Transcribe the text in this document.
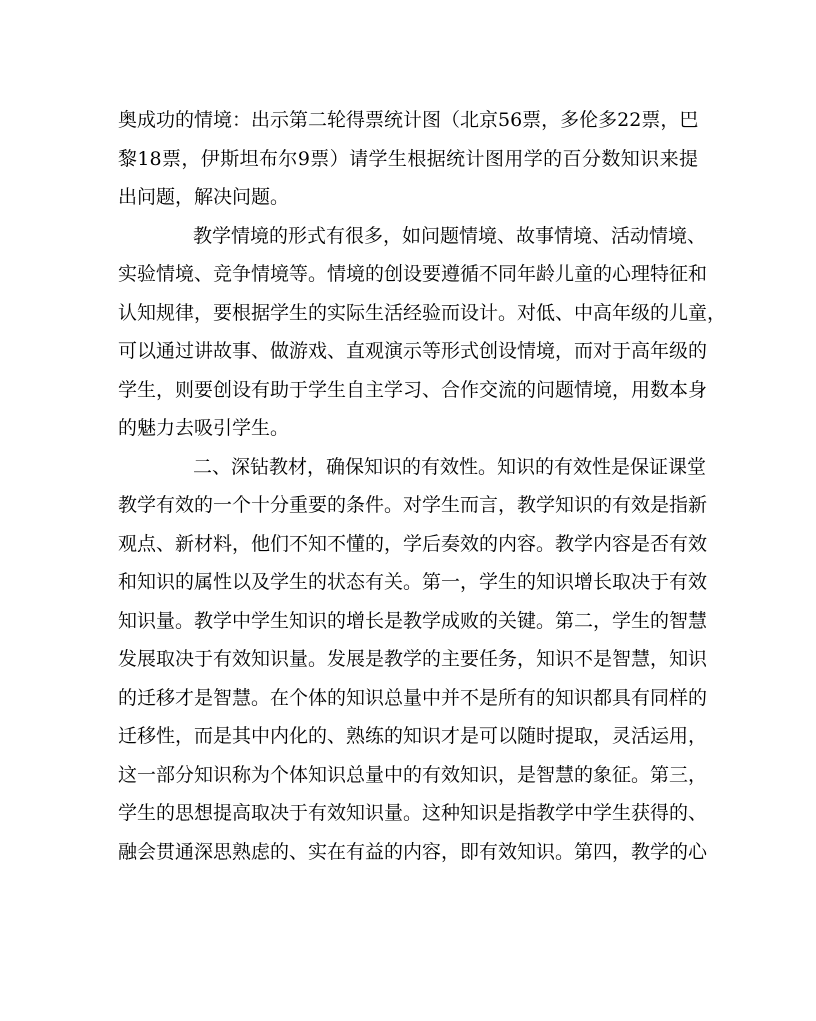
奥成功的情境：出示第二轮得票统计图（北京56票，多伦多22票，巴
黎18票，伊斯坦布尔9票）请学生根据统计图用学的百分数知识来提
出问题，解决问题。
教学情境的形式有很多，如问题情境、故事情境、活动情境、
实验情境、竞争情境等。情境的创设要遵循不同年龄儿童的心理特征和
认知规律，要根据学生的实际生活经验而设计。对低、中高年级的儿童，
可以通过讲故事、做游戏、直观演示等形式创设情境，而对于高年级的
学生，则要创设有助于学生自主学习、合作交流的问题情境，用数本身
的魅力去吸引学生。
二、深钻教材，确保知识的有效性。知识的有效性是保证课堂
教学有效的一个十分重要的条件。对学生而言，教学知识的有效是指新
观点、新材料，他们不知不懂的，学后奏效的内容。教学内容是否有效
和知识的属性以及学生的状态有关。第一，学生的知识增长取决于有效
知识量。教学中学生知识的增长是教学成败的关键。第二，学生的智慧
发展取决于有效知识量。发展是教学的主要任务，知识不是智慧，知识
的迁移才是智慧。在个体的知识总量中并不是所有的知识都具有同样的
迁移性，而是其中内化的、熟练的知识才是可以随时提取，灵活运用，
这一部分知识称为个体知识总量中的有效知识，是智慧的象征。第三，
学生的思想提高取决于有效知识量。这种知识是指教学中学生获得的、
融会贯通深思熟虑的、实在有益的内容，即有效知识。第四，教学的心
